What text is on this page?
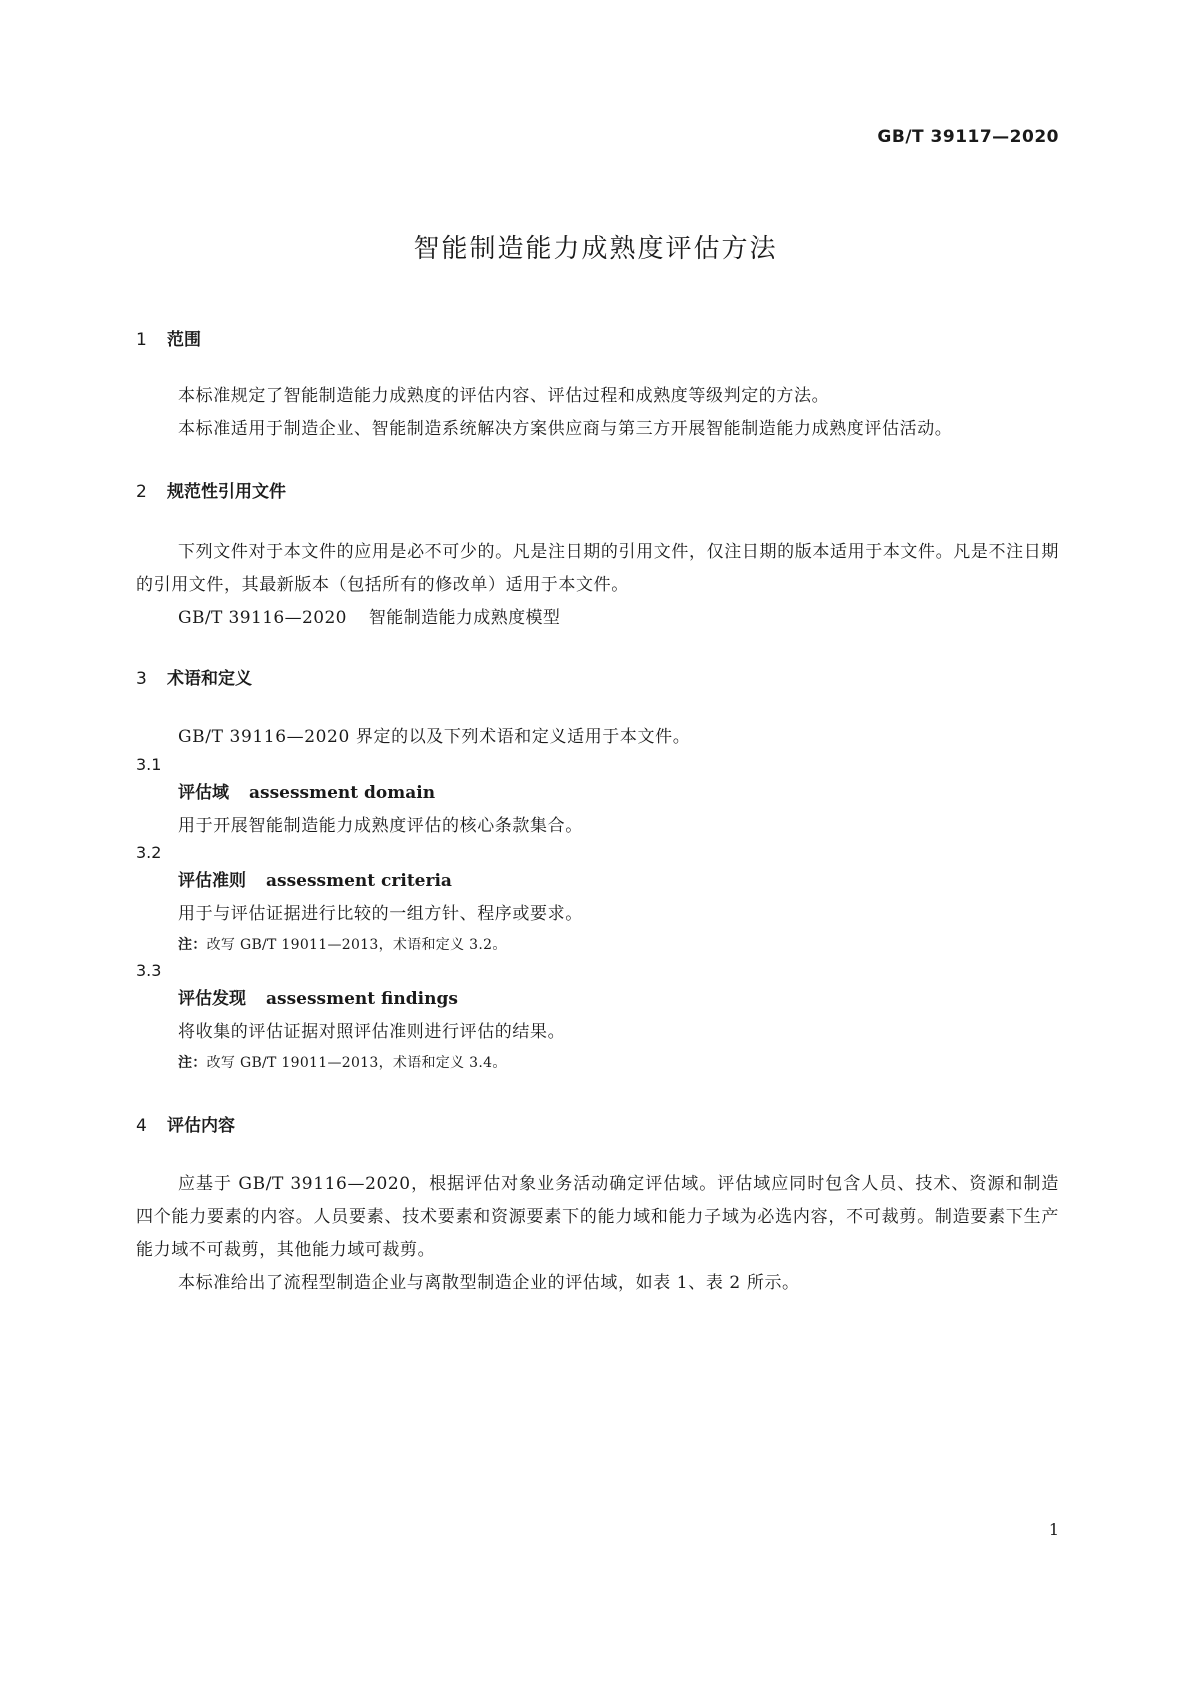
GB/T 39117—2020
智能制造能力成熟度评估方法
1 范围
本标准规定了智能制造能力成熟度的评估内容、评估过程和成熟度等级判定的方法。
本标准适用于制造企业、智能制造系统解决方案供应商与第三方开展智能制造能力成熟度评估活动。
2 规范性引用文件
下列文件对于本文件的应用是必不可少的。凡是注日期的引用文件，仅注日期的版本适用于本文件。凡是不注日期的引用文件，其最新版本（包括所有的修改单）适用于本文件。
GB/T 39116—2020 智能制造能力成熟度模型
3 术语和定义
GB/T 39116—2020 界定的以及下列术语和定义适用于本文件。
3.1
评估域 assessment domain
用于开展智能制造能力成熟度评估的核心条款集合。
3.2
评估准则 assessment criteria
用于与评估证据进行比较的一组方针、程序或要求。
注：改写 GB/T 19011—2013，术语和定义 3.2。
3.3
评估发现 assessment findings
将收集的评估证据对照评估准则进行评估的结果。
注：改写 GB/T 19011—2013，术语和定义 3.4。
4 评估内容
应基于 GB/T 39116—2020，根据评估对象业务活动确定评估域。评估域应同时包含人员、技术、资源和制造四个能力要素的内容。人员要素、技术要素和资源要素下的能力域和能力子域为必选内容，不可裁剪。制造要素下生产能力域不可裁剪，其他能力域可裁剪。
本标准给出了流程型制造企业与离散型制造企业的评估域，如表 1、表 2 所示。
1
